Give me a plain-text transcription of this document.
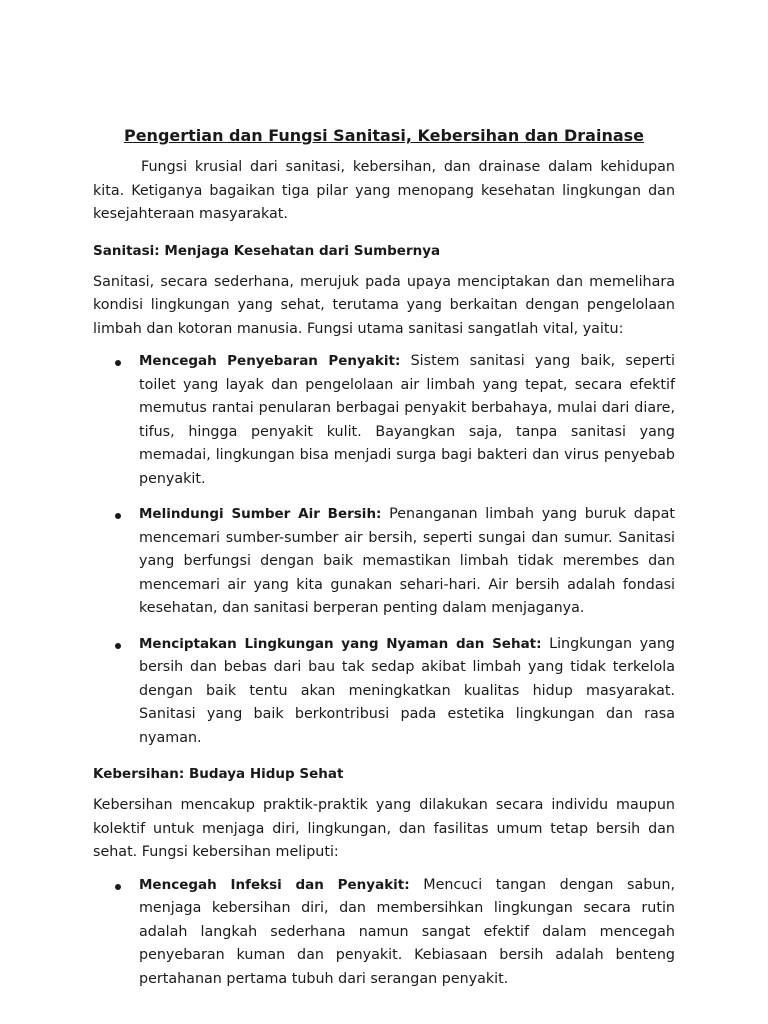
Pengertian dan Fungsi Sanitasi, Kebersihan dan Drainase

Fungsi krusial dari sanitasi, kebersihan, dan drainase dalam kehidupan kita. Ketiganya bagaikan tiga pilar yang menopang kesehatan lingkungan dan kesejahteraan masyarakat.

Sanitasi: Menjaga Kesehatan dari Sumbernya

Sanitasi, secara sederhana, merujuk pada upaya menciptakan dan memelihara kondisi lingkungan yang sehat, terutama yang berkaitan dengan pengelolaan limbah dan kotoran manusia. Fungsi utama sanitasi sangatlah vital, yaitu:

Mencegah Penyebaran Penyakit: Sistem sanitasi yang baik, seperti toilet yang layak dan pengelolaan air limbah yang tepat, secara efektif memutus rantai penularan berbagai penyakit berbahaya, mulai dari diare, tifus, hingga penyakit kulit. Bayangkan saja, tanpa sanitasi yang memadai, lingkungan bisa menjadi surga bagi bakteri dan virus penyebab penyakit.
Melindungi Sumber Air Bersih: Penanganan limbah yang buruk dapat mencemari sumber-sumber air bersih, seperti sungai dan sumur. Sanitasi yang berfungsi dengan baik memastikan limbah tidak merembes dan mencemari air yang kita gunakan sehari-hari. Air bersih adalah fondasi kesehatan, dan sanitasi berperan penting dalam menjaganya.
Menciptakan Lingkungan yang Nyaman dan Sehat: Lingkungan yang bersih dan bebas dari bau tak sedap akibat limbah yang tidak terkelola dengan baik tentu akan meningkatkan kualitas hidup masyarakat. Sanitasi yang baik berkontribusi pada estetika lingkungan dan rasa nyaman.
Kebersihan: Budaya Hidup Sehat

Kebersihan mencakup praktik-praktik yang dilakukan secara individu maupun kolektif untuk menjaga diri, lingkungan, dan fasilitas umum tetap bersih dan sehat. Fungsi kebersihan meliputi:

Mencegah Infeksi dan Penyakit: Mencuci tangan dengan sabun, menjaga kebersihan diri, dan membersihkan lingkungan secara rutin adalah langkah sederhana namun sangat efektif dalam mencegah penyebaran kuman dan penyakit. Kebiasaan bersih adalah benteng pertahanan pertama tubuh dari serangan penyakit.
